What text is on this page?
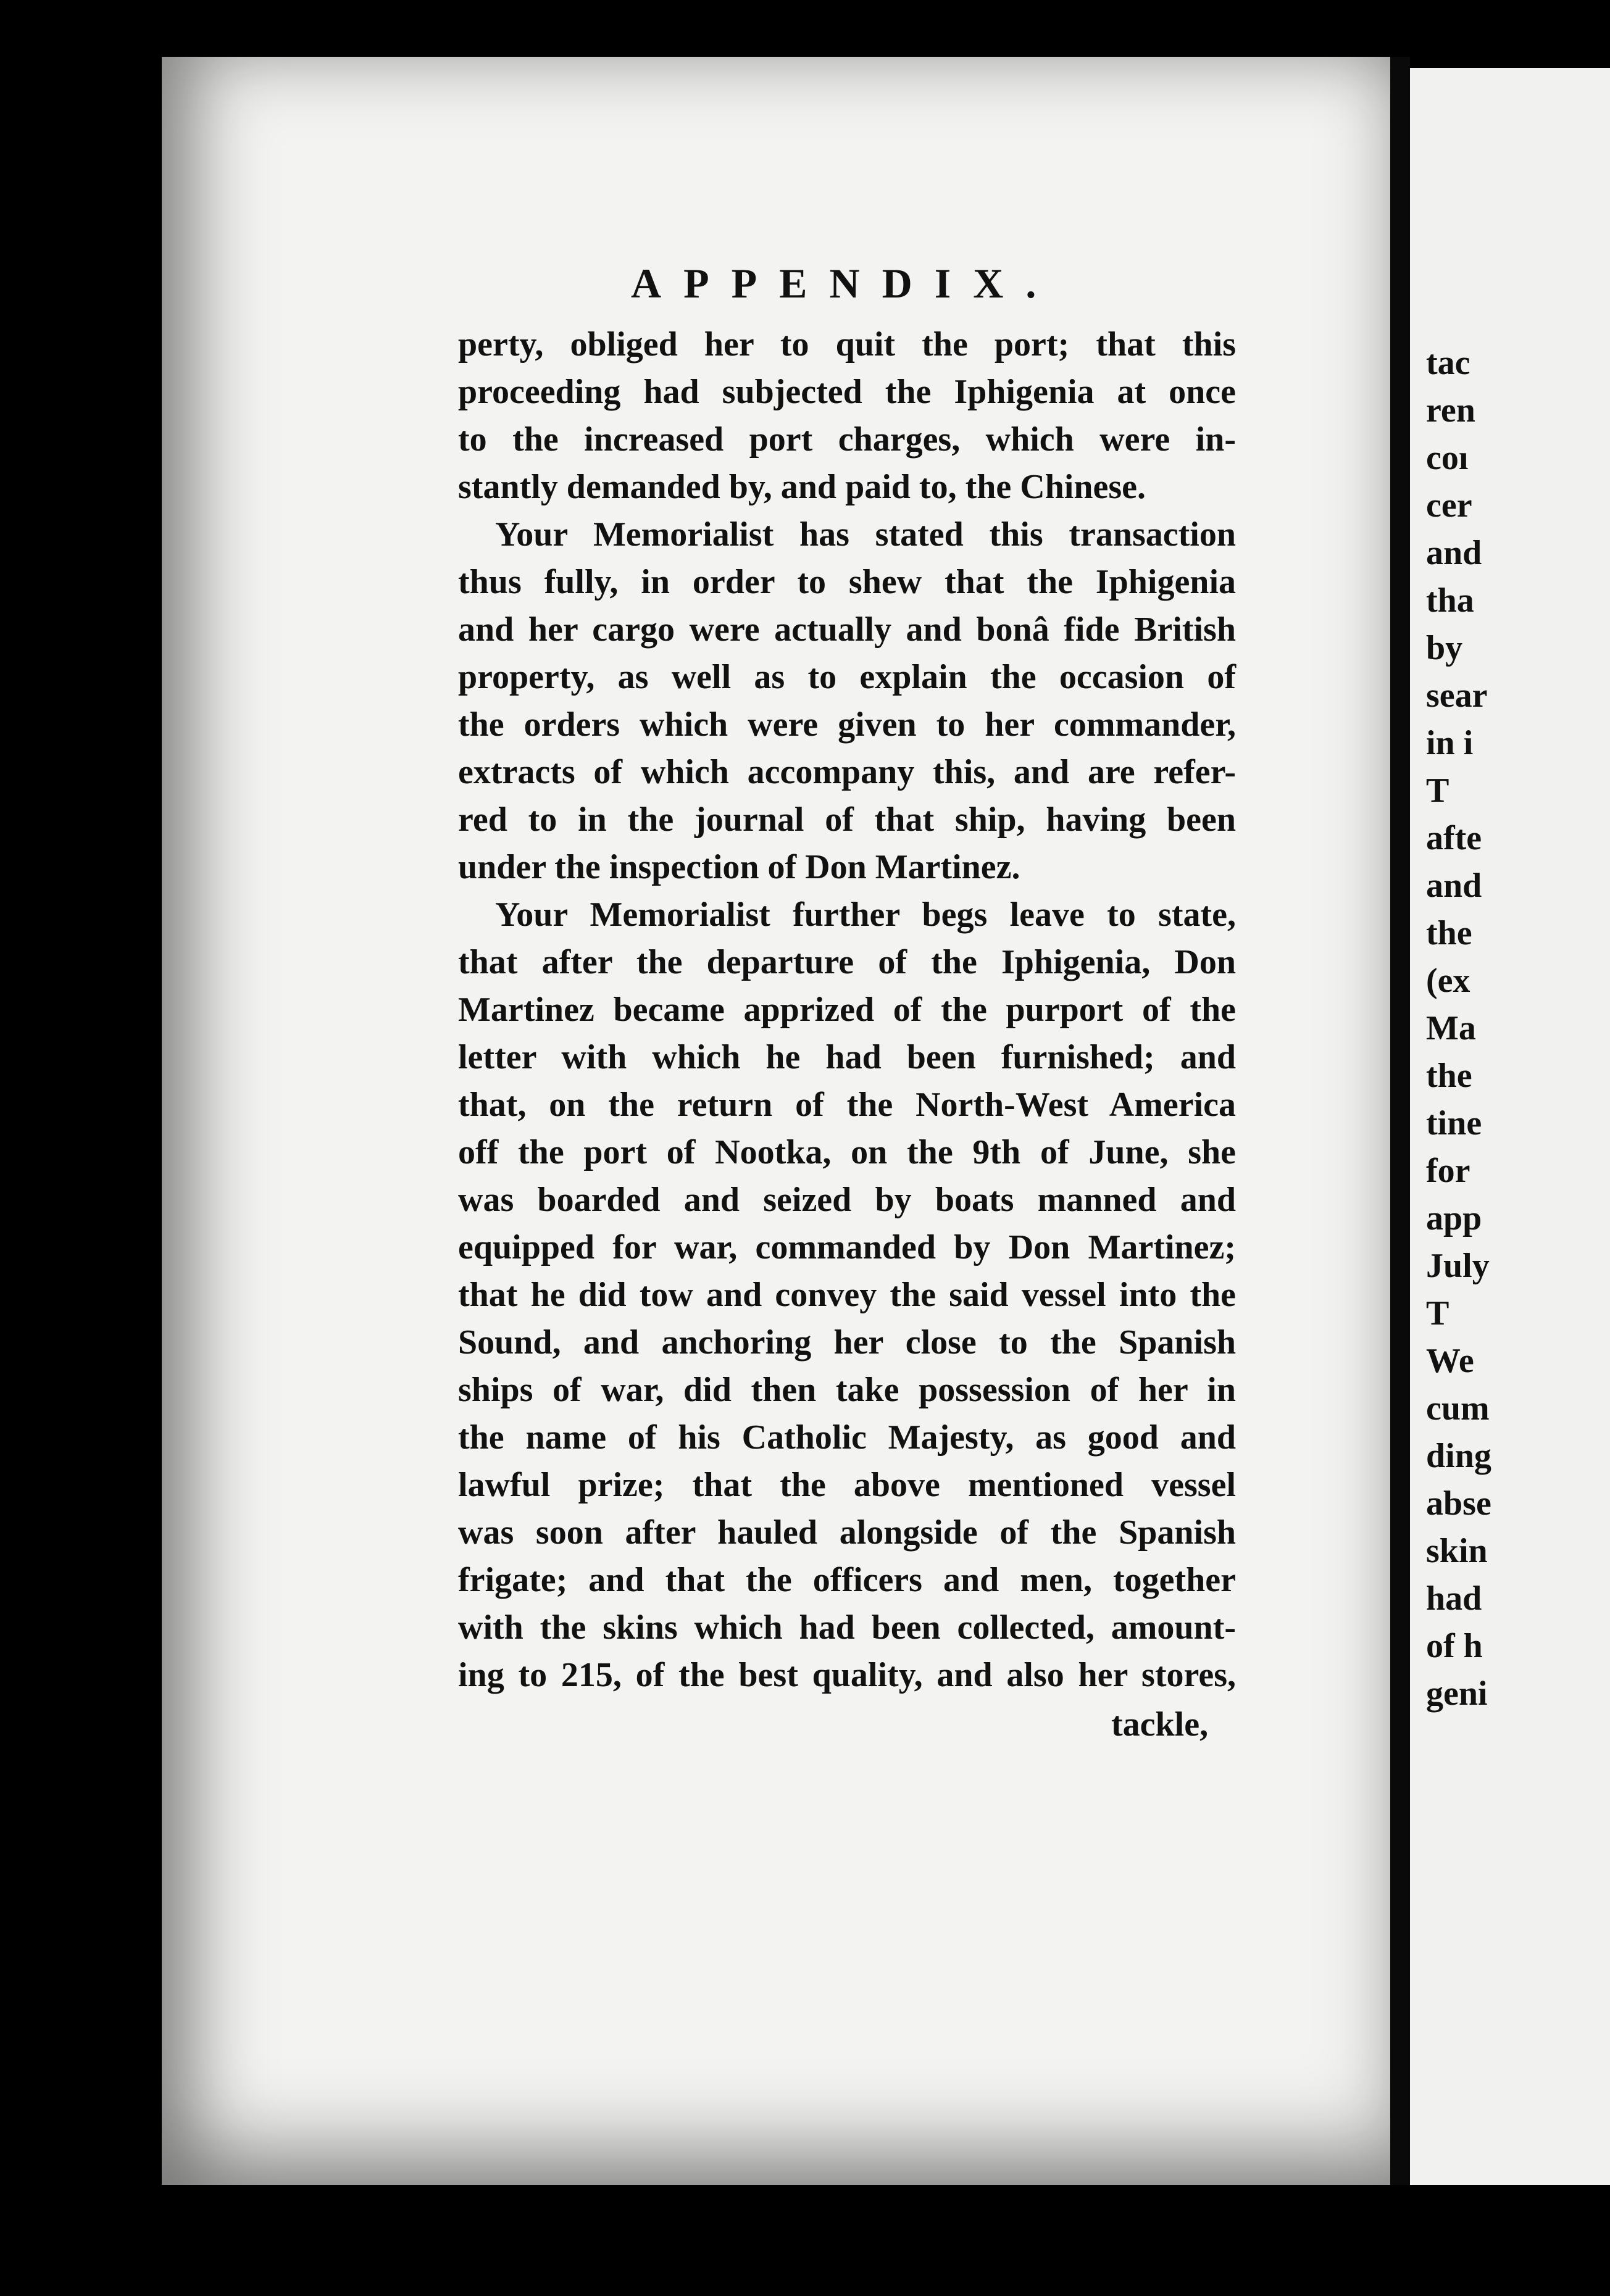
APPENDIX.
perty, obliged her to quit the port; that this
proceeding had subjected the Iphigenia at once
to the increased port charges, which were in-
stantly demanded by, and paid to, the Chinese.
Your Memorialist has stated this transaction
thus fully, in order to shew that the Iphigenia
and her cargo were actually and bonâ fide British
property, as well as to explain the occasion of
the orders which were given to her commander,
extracts of which accompany this, and are refer-
red to in the journal of that ship, having been
under the inspection of Don Martinez.
Your Memorialist further begs leave to state,
that after the departure of the Iphigenia, Don
Martinez became apprized of the purport of the
letter with which he had been furnished; and
that, on the return of the North-West America
off the port of Nootka, on the 9th of June, she
was boarded and seized by boats manned and
equipped for war, commanded by Don Martinez;
that he did tow and convey the said vessel into the
Sound, and anchoring her close to the Spanish
ships of war, did then take possession of her in
the name of his Catholic Majesty, as good and
lawful prize; that the above mentioned vessel
was soon after hauled alongside of the Spanish
frigate; and that the officers and men, together
with the skins which had been collected, amount-
ing to 215, of the best quality, and also her stores,
tackle,
tac
ren
coı
cer
and
tha
by
sear
in i
T
afte
and
the
(ex
Ma
the
tine
for
app
July
T
We
cum
ding
abse
skin
had
of h
geni
